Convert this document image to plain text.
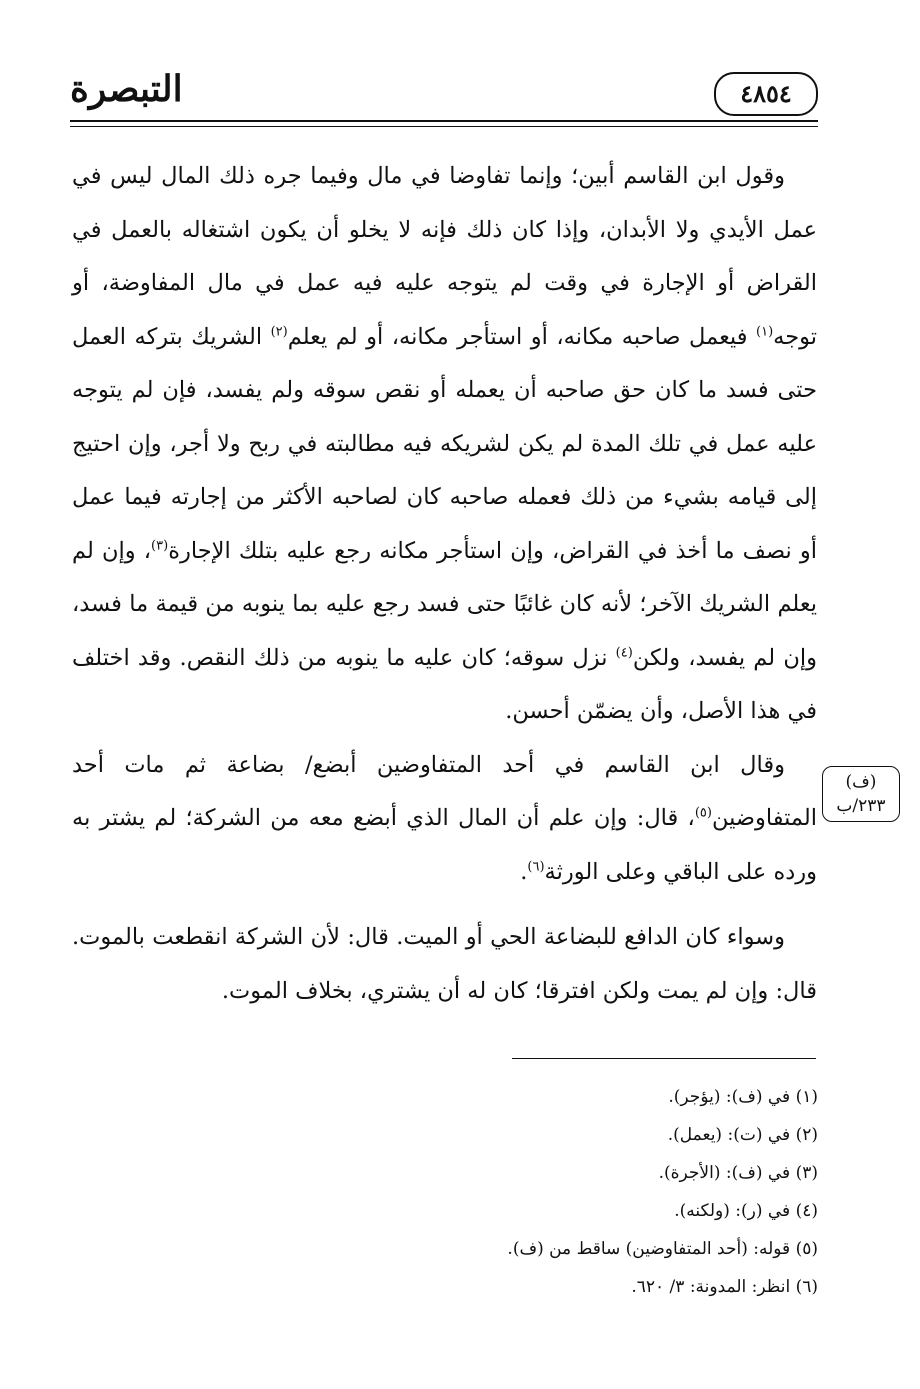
التبصرة	٤٨٥٤

وقول ابن القاسم أبين؛ وإنما تفاوضا في مال وفيما جره ذلك المال ليس في عمل الأيدي ولا الأبدان، وإذا كان ذلك فإنه لا يخلو أن يكون اشتغاله بالعمل في القراض أو الإجارة في وقت لم يتوجه عليه فيه عمل في مال المفاوضة، أو توجه$^{(١)}$ فيعمل صاحبه مكانه، أو استأجر مكانه، أو لم يعلم$^{(٢)}$ الشريك بتركه العمل حتى فسد ما كان حق صاحبه أن يعمله أو نقص سوقه ولم يفسد، فإن لم يتوجه عليه عمل في تلك المدة لم يكن لشريكه فيه مطالبته في ربح ولا أجر، وإن احتيج إلى قيامه بشيء من ذلك فعمله صاحبه كان لصاحبه الأكثر من إجارته فيما عمل أو نصف ما أخذ في القراض، وإن استأجر مكانه رجع عليه بتلك الإجارة$^{(٣)}$، وإن لم يعلم الشريك الآخر؛ لأنه كان غائبًا حتى فسد رجع عليه بما ينوبه من قيمة ما فسد، وإن لم يفسد، ولكن$^{(٤)}$ نزل سوقه؛ كان عليه ما ينوبه من ذلك النقص. وقد اختلف في هذا الأصل، وأن يضمّن أحسن.

وقال ابن القاسم في أحد المتفاوضين أبضع/ بضاعة ثم مات أحد المتفاوضين$^{(٥)}$، قال: وإن علم أن المال الذي أبضع معه من الشركة؛ لم يشتر به ورده على الباقي وعلى الورثة$^{(٦)}$.

وسواء كان الدافع للبضاعة الحي أو الميت. قال: لأن الشركة انقطعت بالموت. قال: وإن لم يمت ولكن افترقا؛ كان له أن يشتري، بخلاف الموت.

(ف)
٢٣٣/ب
(١) في (ف): (يؤجر).
(٢) في (ت): (يعمل).
(٣) في (ف): (الأجرة).
(٤) في (ر): (ولكنه).
(٥) قوله: (أحد المتفاوضين) ساقط من (ف).
(٦) انظر: المدونة: ٣/ ٦٢٠.
